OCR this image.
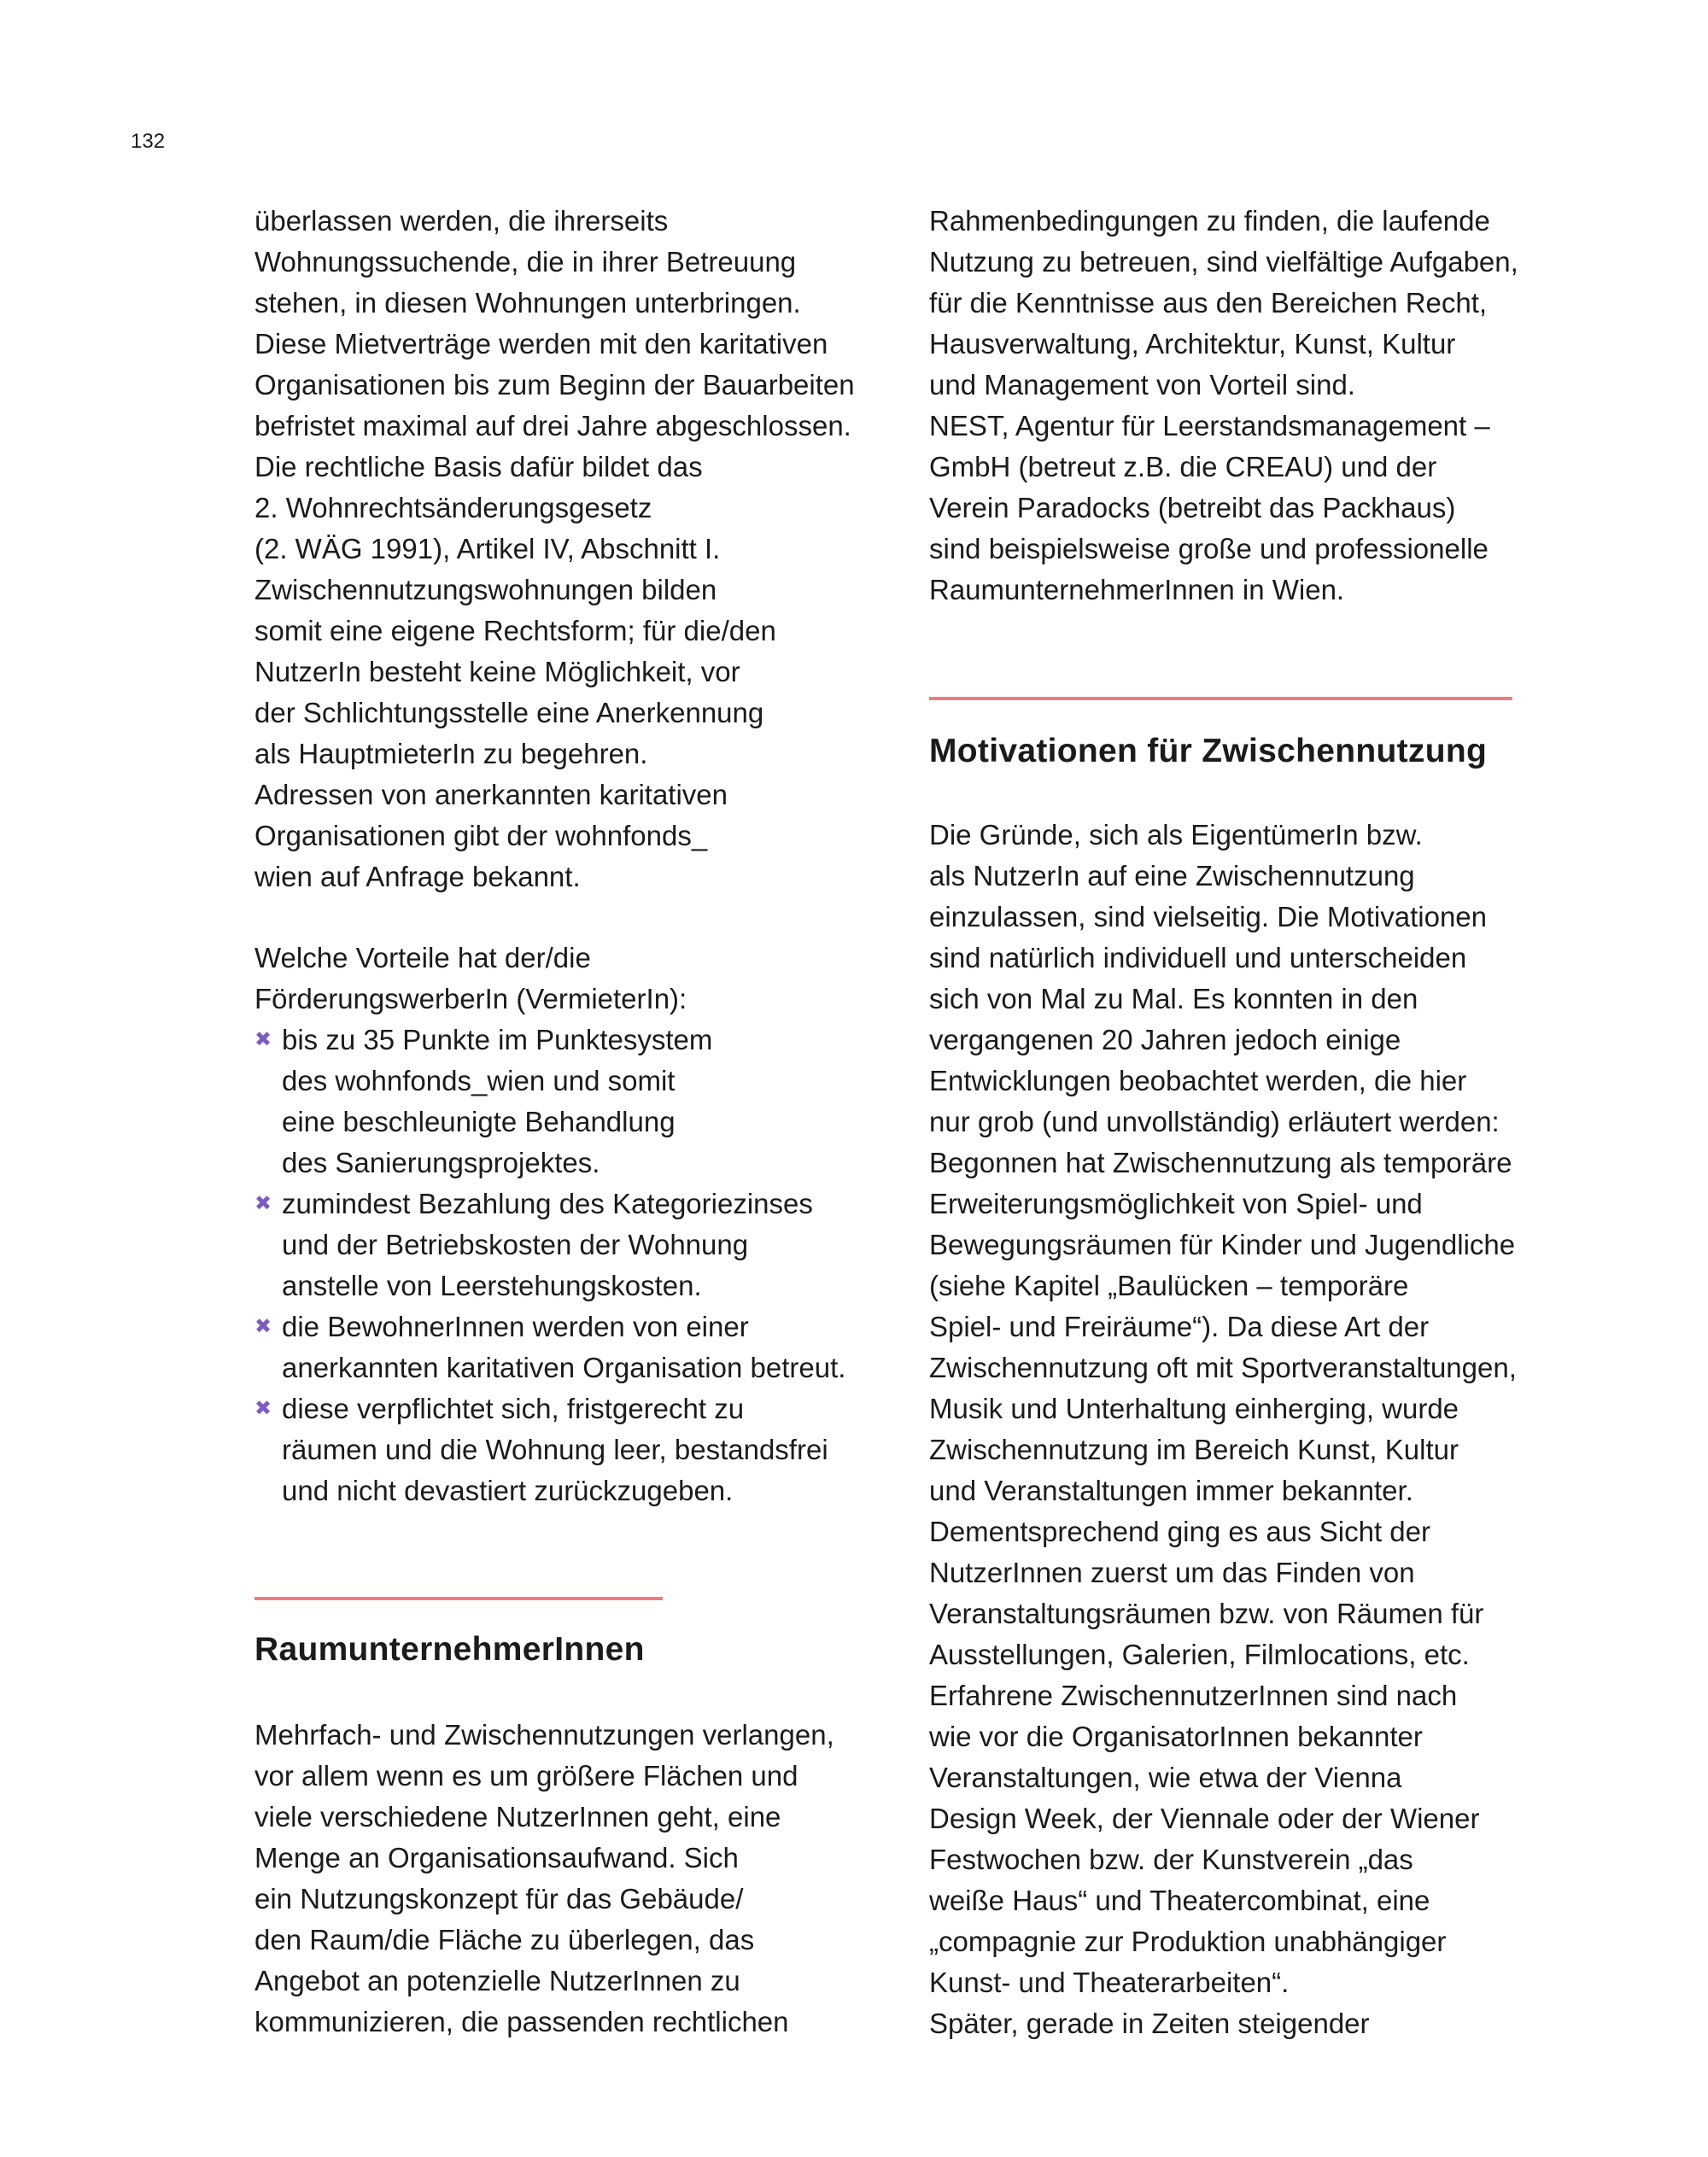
132
überlassen werden, die ihrerseits
Wohnungssuchende, die in ihrer Betreuung
stehen, in diesen Wohnungen unterbringen.
Diese Mietverträge werden mit den karitativen
Organisationen bis zum Beginn der Bauarbeiten
befristet maximal auf drei Jahre abgeschlossen.
Die rechtliche Basis dafür bildet das
2. Wohnrechtsänderungsgesetz
(2. WÄG 1991), Artikel IV, Abschnitt I.
Zwischennutzungswohnungen bilden
somit eine eigene Rechtsform; für die/den
NutzerIn besteht keine Möglichkeit, vor
der Schlichtungsstelle eine Anerkennung
als HauptmieterIn zu begehren.
Adressen von anerkannten karitativen
Organisationen gibt der wohnfonds_
wien auf Anfrage bekannt.
Welche Vorteile hat der/die
FörderungswerberIn (VermieterIn):
✖ bis zu 35 Punkte im Punktesystem
des wohnfonds_wien und somit
eine beschleunigte Behandlung
des Sanierungsprojektes.
✖ zumindest Bezahlung des Kategoriezinses
und der Betriebskosten der Wohnung
anstelle von Leerstehungskosten.
✖ die BewohnerInnen werden von einer
anerkannten karitativen Organisation betreut.
✖ diese verpflichtet sich, fristgerecht zu
räumen und die Wohnung leer, bestandsfrei
und nicht devastiert zurückzugeben.
RaumunternehmerInnen
Mehrfach- und Zwischennutzungen verlangen,
vor allem wenn es um größere Flächen und
viele verschiedene NutzerInnen geht, eine
Menge an Organisationsaufwand. Sich
ein Nutzungskonzept für das Gebäude/
den Raum/die Fläche zu überlegen, das
Angebot an potenzielle NutzerInnen zu
kommunizieren, die passenden rechtlichen
Rahmenbedingungen zu finden, die laufende
Nutzung zu betreuen, sind vielfältige Aufgaben,
für die Kenntnisse aus den Bereichen Recht,
Hausverwaltung, Architektur, Kunst, Kultur
und Management von Vorteil sind.
NEST, Agentur für Leerstandsmanagement –
GmbH (betreut z.B. die CREAU) und der
Verein Paradocks (betreibt das Packhaus)
sind beispielsweise große und professionelle
RaumunternehmerInnen in Wien.
Motivationen für Zwischennutzung
Die Gründe, sich als EigentümerIn bzw.
als NutzerIn auf eine Zwischennutzung
einzulassen, sind vielseitig. Die Motivationen
sind natürlich individuell und unterscheiden
sich von Mal zu Mal. Es konnten in den
vergangenen 20 Jahren jedoch einige
Entwicklungen beobachtet werden, die hier
nur grob (und unvollständig) erläutert werden:
Begonnen hat Zwischennutzung als temporäre
Erweiterungsmöglichkeit von Spiel- und
Bewegungsräumen für Kinder und Jugendliche
(siehe Kapitel „Baulücken – temporäre
Spiel- und Freiräume“). Da diese Art der
Zwischennutzung oft mit Sportveranstaltungen,
Musik und Unterhaltung einherging, wurde
Zwischennutzung im Bereich Kunst, Kultur
und Veranstaltungen immer bekannter.
Dementsprechend ging es aus Sicht der
NutzerInnen zuerst um das Finden von
Veranstaltungsräumen bzw. von Räumen für
Ausstellungen, Galerien, Filmlocations, etc.
Erfahrene ZwischennutzerInnen sind nach
wie vor die OrganisatorInnen bekannter
Veranstaltungen, wie etwa der Vienna
Design Week, der Viennale oder der Wiener
Festwochen bzw. der Kunstverein „das
weiße Haus“ und Theatercombinat, eine
„compagnie zur Produktion unabhängiger
Kunst- und Theaterarbeiten“.
Später, gerade in Zeiten steigender
